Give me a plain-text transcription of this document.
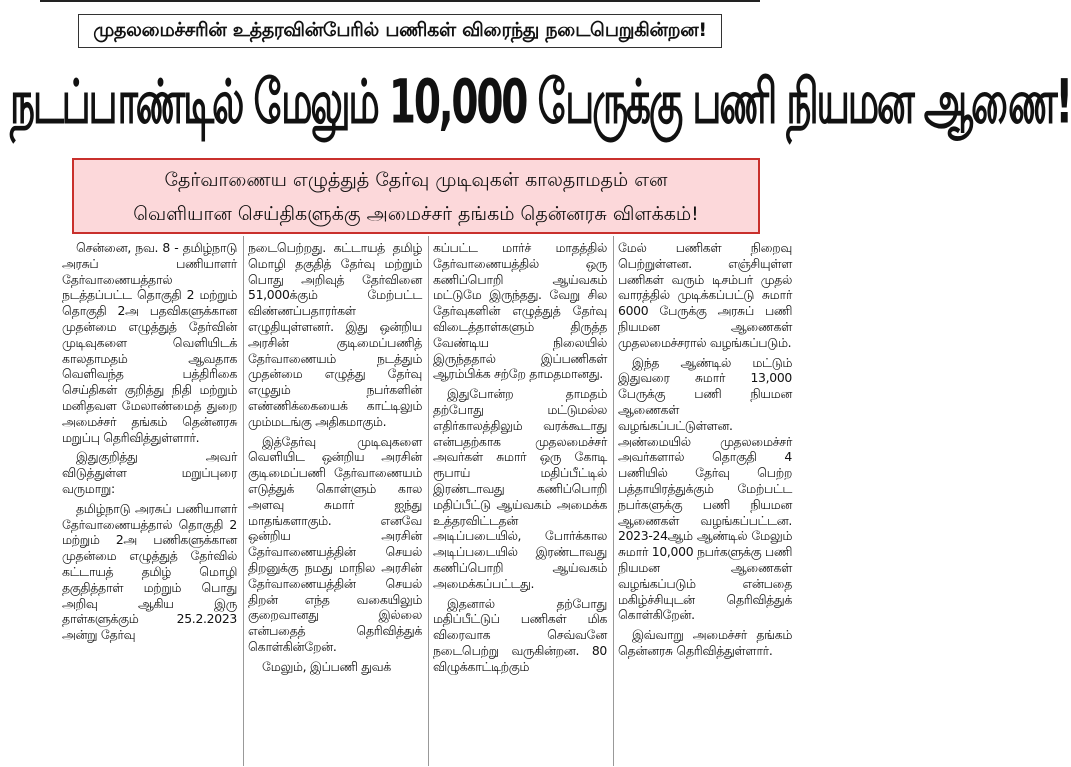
முதலமைச்சரின் உத்தரவின்பேரில் பணிகள் விரைந்து நடைபெறுகின்றன!
நடப்பாண்டில் மேலும் 10,000 பேருக்கு பணி நியமன ஆணை!
தேர்வாணைய எழுத்துத் தேர்வு முடிவுகள் காலதாமதம் என
வெளியான செய்திகளுக்கு அமைச்சர் தங்கம் தென்னரசு விளக்கம்!

சென்னை, நவ. 8 - தமிழ்நாடு அரசுப் பணியாளர் தேர்வாணையத்தால் நடத்தப்பட்ட தொகுதி 2 மற்றும் தொகுதி 2அ பதவிகளுக்கான முதன்மை எழுத்துத் தேர்வின் முடிவுகளை வெளியிடக் காலதாமதம் ஆவதாக வெளிவந்த பத்திரிகை செய்திகள் குறித்து நிதி மற்றும் மனிதவள மேலாண்மைத் துறை அமைச்சர் தங்கம் தென்னரசு மறுப்பு தெரிவித்துள்ளார்.

இதுகுறித்து அவர் விடுத்துள்ள மறுப்புரை வருமாறு:

தமிழ்நாடு அரசுப் பணியாளர் தேர்வாணையத்தால் தொகுதி 2 மற்றும் 2அ பணிகளுக்கான முதன்மை எழுத்துத் தேர்வில் கட்டாயத் தமிழ் மொழி தகுதித்தாள் மற்றும் பொது அறிவு ஆகிய இரு தாள்களுக்கும் 25.2.2023 அன்று தேர்வு

நடைபெற்றது. கட்டாயத் தமிழ் மொழி தகுதித் தேர்வு மற்றும் பொது அறிவுத் தேர்வினை 51,000க்கும் மேற்பட்ட விண்ணப்பதாரர்கள் எழுதியுள்ளனர். இது ஒன்றிய அரசின் குடிமைப்பணித் தேர்வாணையம் நடத்தும் முதன்மை எழுத்து தேர்வு எழுதும் நபர்களின் எண்ணிக்கையைக் காட்டிலும் மும்மடங்கு அதிகமாகும்.

இத்தேர்வு முடிவுகளை வெளியிட ஒன்றிய அரசின் குடிமைப்பணி தேர்வாணையம் எடுத்துக் கொள்ளும் கால அளவு சுமார் ஐந்து மாதங்களாகும். எனவே ஒன்றிய அரசின் தேர்வாணையத்தின் செயல் திறனுக்கு நமது மாநில அரசின் தேர்வாணையத்தின் செயல் திறன் எந்த வகையிலும் குறைவானது இல்லை என்பதைத் தெரிவித்துக் கொள்கின்றேன்.

மேலும், இப்பணி துவக்

கப்பட்ட மார்ச் மாதத்தில் தேர்வாணையத்தில் ஒரு கணிப்பொறி ஆய்வகம் மட்டுமே இருந்தது. வேறு சில தேர்வுகளின் எழுத்துத் தேர்வு விடைத்தாள்களும் திருத்த வேண்டிய நிலையில் இருந்ததால் இப்பணிகள் ஆரம்பிக்க சற்றே தாமதமானது.

இதுபோன்ற தாமதம் தற்போது மட்டுமல்ல எதிர்காலத்திலும் வரக்கூடாது என்பதற்காக முதலமைச்சர் அவர்கள் சுமார் ஒரு கோடி ரூபாய் மதிப்பீட்டில் இரண்டாவது கணிப்பொறி மதிப்பீட்டு ஆய்வகம் அமைக்க உத்தரவிட்டதன் அடிப்படையில், போர்க்கால அடிப்படையில் இரண்டாவது கணிப்பொறி ஆய்வகம் அமைக்கப்பட்டது.

இதனால் தற்போது மதிப்பீட்டுப் பணிகள் மிக விரைவாக செவ்வனே நடைபெற்று வருகின்றன. 80 விழுக்காட்டிற்கும்

மேல் பணிகள் நிறைவு பெற்றுள்ளன. எஞ்சியுள்ள பணிகள் வரும் டிசம்பர் முதல் வாரத்தில் முடிக்கப்பட்டு சுமார் 6000 பேருக்கு அரசுப் பணி நியமன ஆணைகள் முதலமைச்சரால் வழங்கப்படும்.

இந்த ஆண்டில் மட்டும் இதுவரை சுமார் 13,000 பேருக்கு பணி நியமன ஆணைகள் வழங்கப்பட்டுள்ளன. அண்மையில் முதலமைச்சர் அவர்களால் தொகுதி 4 பணியில் தேர்வு பெற்ற பத்தாயிரத்துக்கும் மேற்பட்ட நபர்களுக்கு பணி நியமன ஆணைகள் வழங்கப்பட்டன. 2023-24ஆம் ஆண்டில் மேலும் சுமார் 10,000 நபர்களுக்கு பணி நியமன ஆணைகள் வழங்கப்படும் என்பதை மகிழ்ச்சியுடன் தெரிவித்துக் கொள்கிறேன்.

இவ்வாறு அமைச்சர் தங்கம் தென்னரசு தெரிவித்துள்ளார்.
